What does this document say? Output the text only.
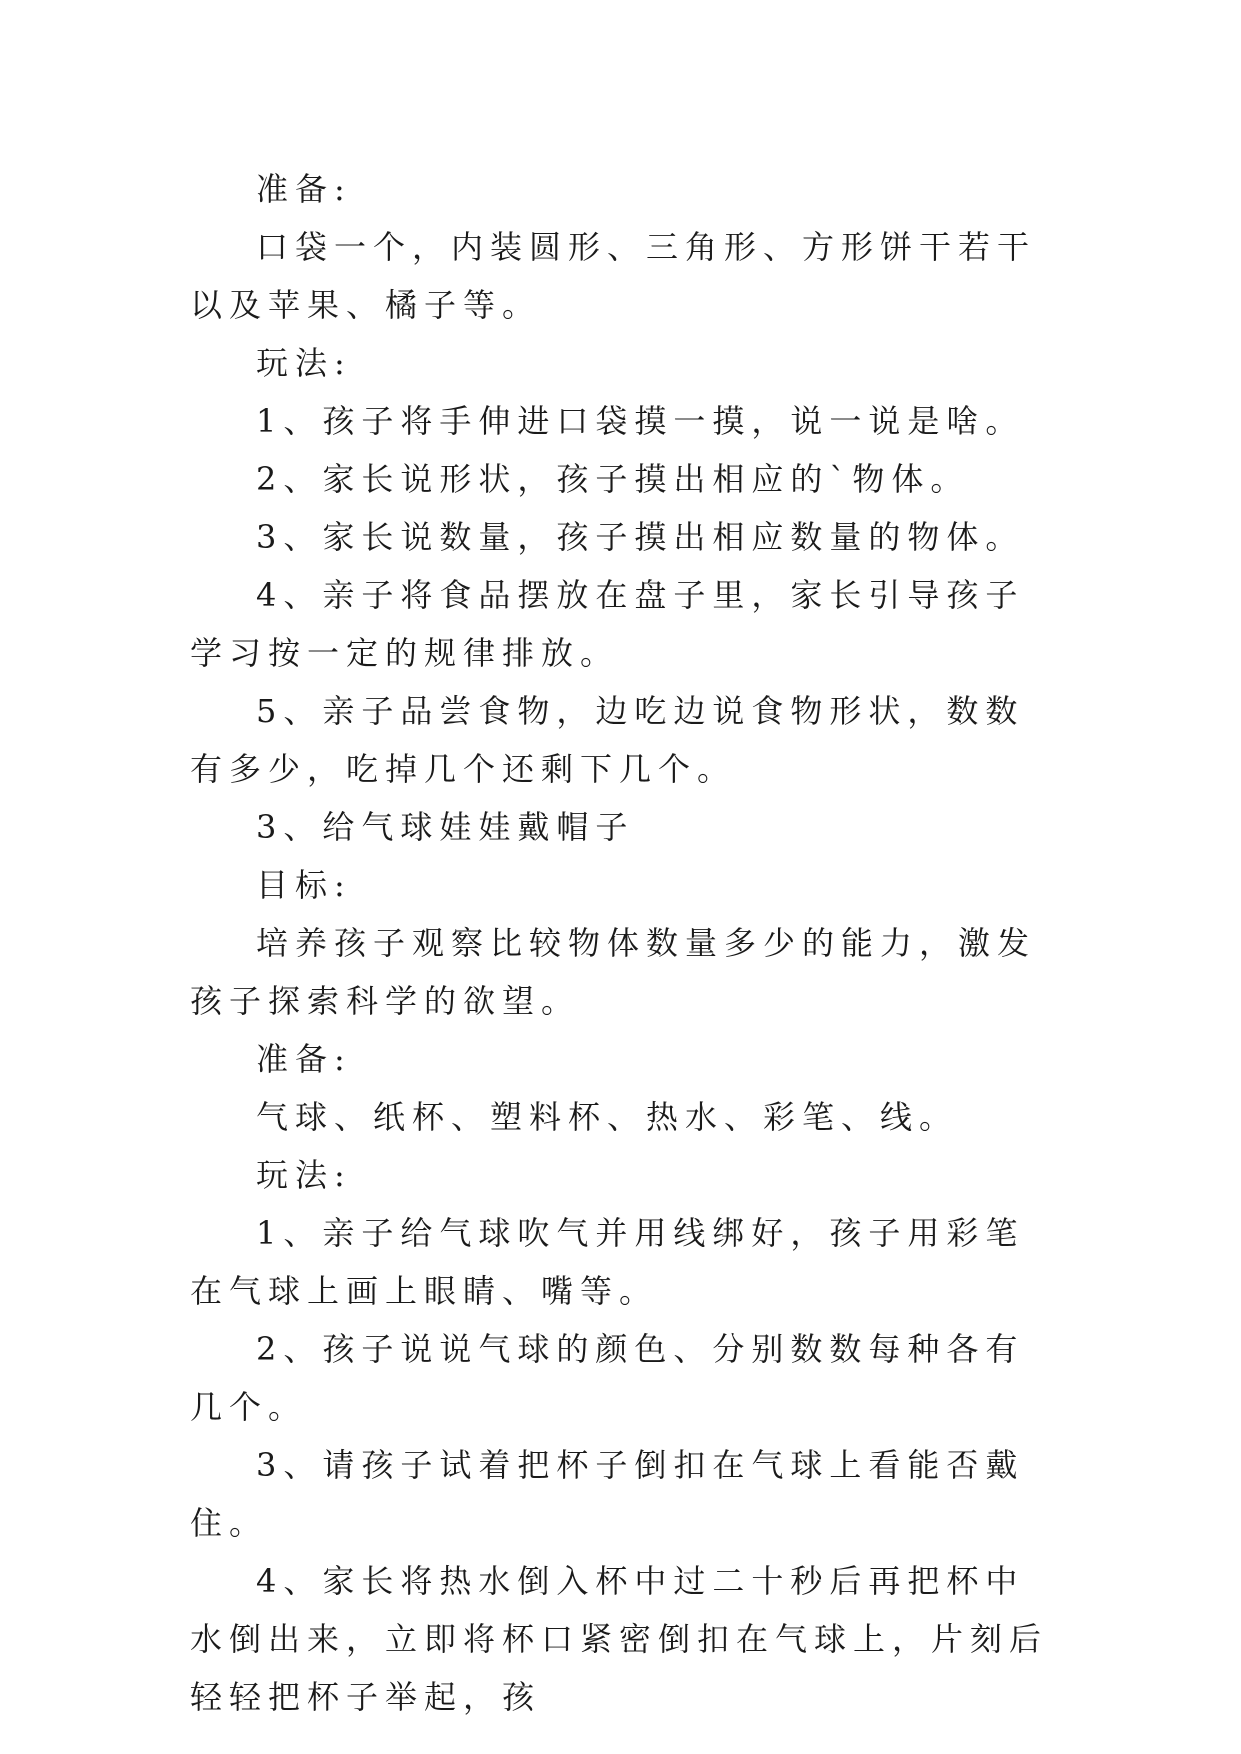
准备:

口袋一个，内装圆形、三角形、方形饼干若干以及苹果、橘子等。

玩法:

1、孩子将手伸进口袋摸一摸，说一说是啥。

2、家长说形状，孩子摸出相应的`物体。

3、家长说数量，孩子摸出相应数量的物体。

4、亲子将食品摆放在盘子里，家长引导孩子学习按一定的规律排放。

5、亲子品尝食物，边吃边说食物形状，数数有多少，吃掉几个还剩下几个。

3、给气球娃娃戴帽子

目标:

培养孩子观察比较物体数量多少的能力，激发孩子探索科学的欲望。

准备:

气球、纸杯、塑料杯、热水、彩笔、线。

玩法:

1、亲子给气球吹气并用线绑好，孩子用彩笔在气球上画上眼睛、嘴等。

2、孩子说说气球的颜色、分别数数每种各有几个。

3、请孩子试着把杯子倒扣在气球上看能否戴住。

4、家长将热水倒入杯中过二十秒后再把杯中水倒出来，立即将杯口紧密倒扣在气球上，片刻后轻轻把杯子举起，孩
